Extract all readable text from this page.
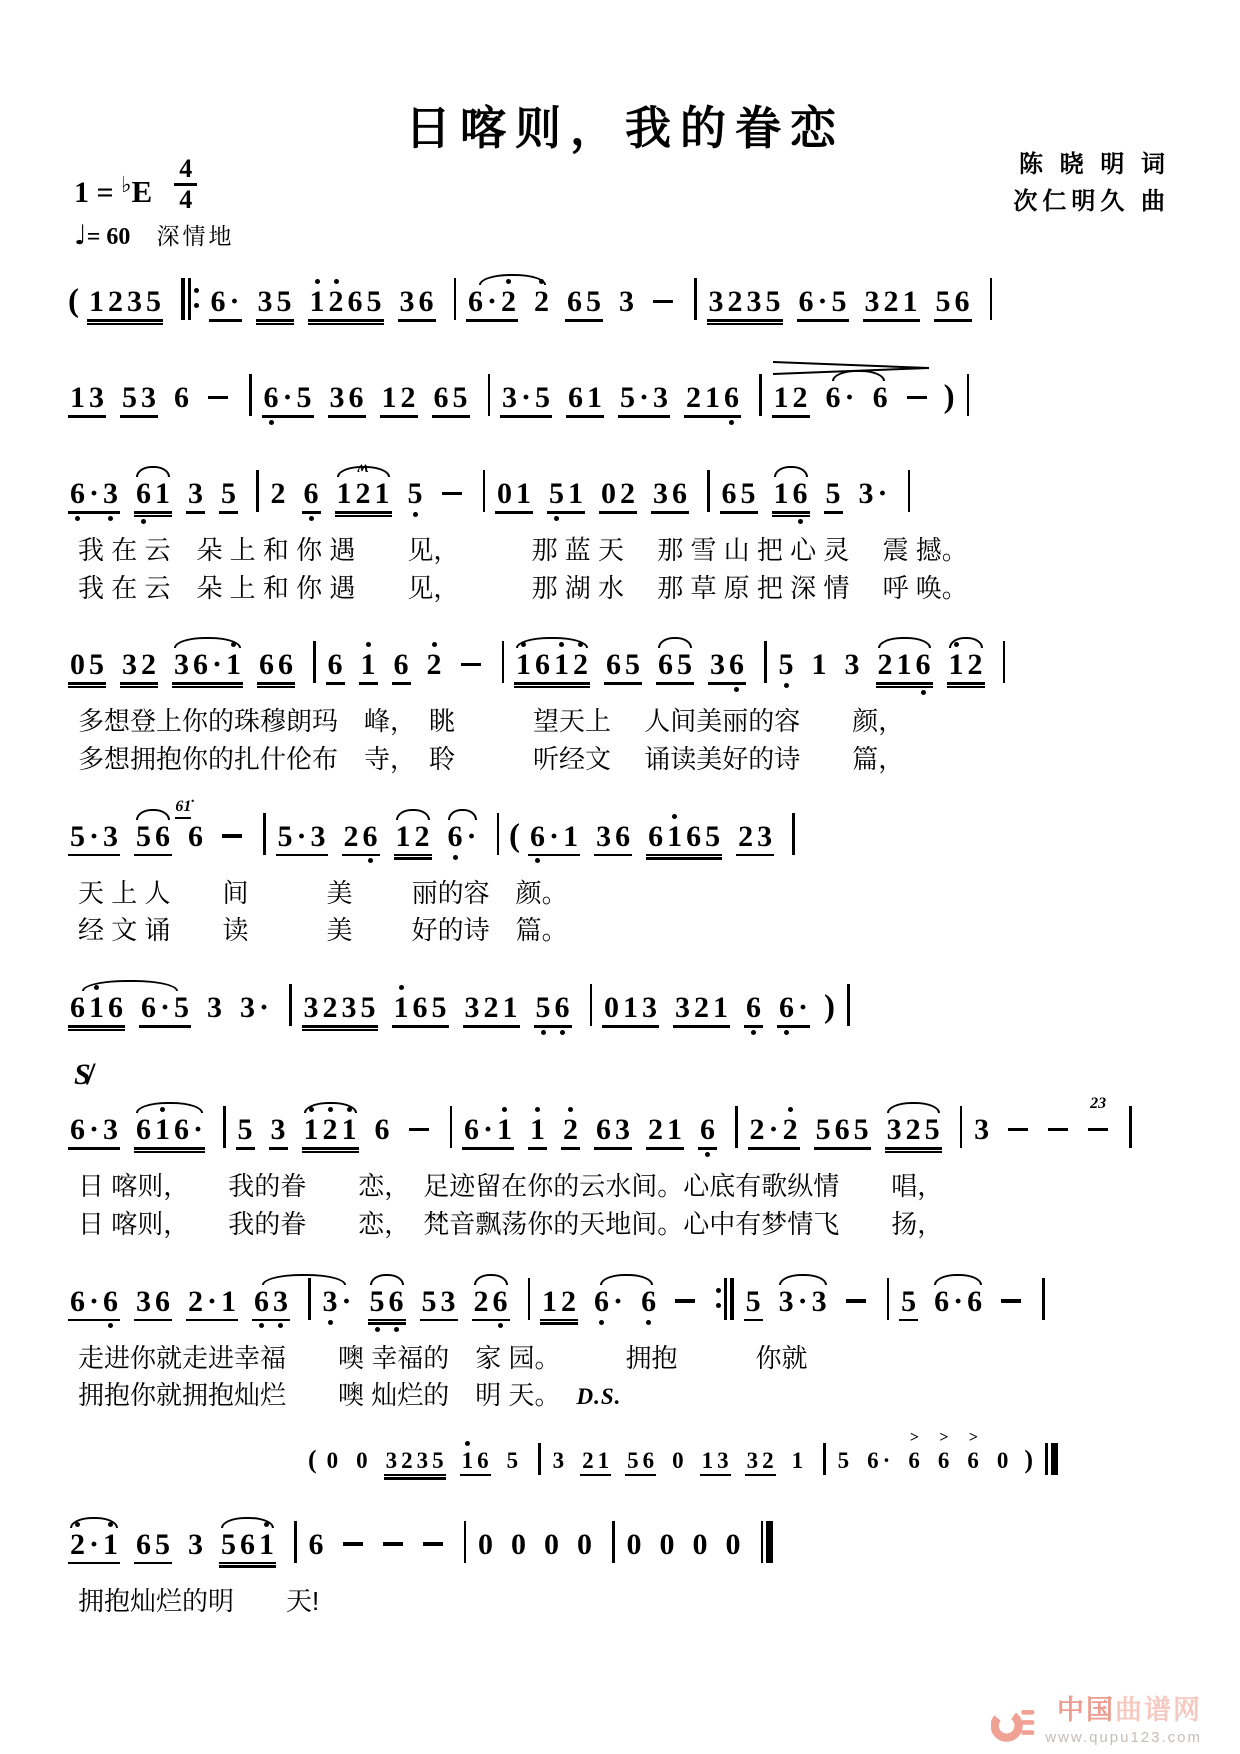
日喀则，我的眷恋
陈 晓 明 词
次仁明久 曲
$1 = ^♭E \frac{4}{4}$
♩= 60 深情地
( 1 2 3 5 6 · 3 5 1 2 6 5 3 6 6 · 2 2 6 5 3 3 2 3 5 6 · 5 3 2 1 5 6
1 3 5 3 6 6 · 5 3 6 1 2 6 5 3 · 5 6 1 5 · 3 2 1 6 1 2 6 · 6 )
6 · 3 6 1 3 5 2 6
ʍ
1 2 1 5 0 1 5 1 0 2 3 6 6 5 1 6 5 3 ·
我 在 云　朵 上 和 你 遇　　见，　　　 那 蓝 天　 那 雪 山 把 心 灵　 震 撼。
我 在 云　朵 上 和 你 遇　　见，　　　 那 湖 水　 那 草 原 把 深 情　 呼 唤。
0 5 3 2 3 6 · 1 6 6 6 1 6 2 1 6 1 2 6 5 6 5 3 6 5 1 3 2 1 6 1 2
多想登上你的珠穆朗玛　峰，　眺　　　望天上　 人间美丽的容　　颜，
多想拥抱你的扎什伦布　寺，　聆　　　听经文　 诵读美好的诗　　篇，
5 · 3 5 6
61̇
6 5 · 3 2 6 1 2 6 · ( 6 · 1 3 6 6 1 6 5 2 3
天 上 人　　间　　　美　　 丽的容　颜。
经 文 诵　　读　　　美　　 好的诗　篇。
6 1 6 6 · 5 3 3 · 3 2 3 5 1 6 5 3 2 1 5 6 0 1 3 3 2 1 6 6 · )
S̸
6 · 3 6 1 6 · 5 3 1 2 1 6 6 · 1 1 2 6 3 2 1 6 2 · 2 5 6 5 3 2 5 3
23
日 喀则，　　我的眷　　恋，　足迹留在你的云水间。心底有歌纵情　　唱，
日 喀则，　　我的眷　　恋，　梵音飘荡你的天地间。心中有梦情飞　　扬，
6 · 6 3 6 2 · 1 6 3 3 · 5 6 5 3 2 6 1 2 6 · 6	5 3 · 3 5 6 · 6
走进你就走进幸福　　噢 幸福的　家 园。　　　拥抱　　　你就
拥抱你就拥抱灿烂　　噢 灿烂的　明 天。 D.S.
( 0 0 3 2 3 5 1 6 5 3 2 1 5 6 0 1 3 3 2 1 5 6 ·
>
6
>
6
>
6 0 )
2 · 1 6 5 3 5 6 1 6	0 0 0 0 0 0 0 0
拥抱灿烂的明　　天!
中国曲谱网
www.qupu123.com
